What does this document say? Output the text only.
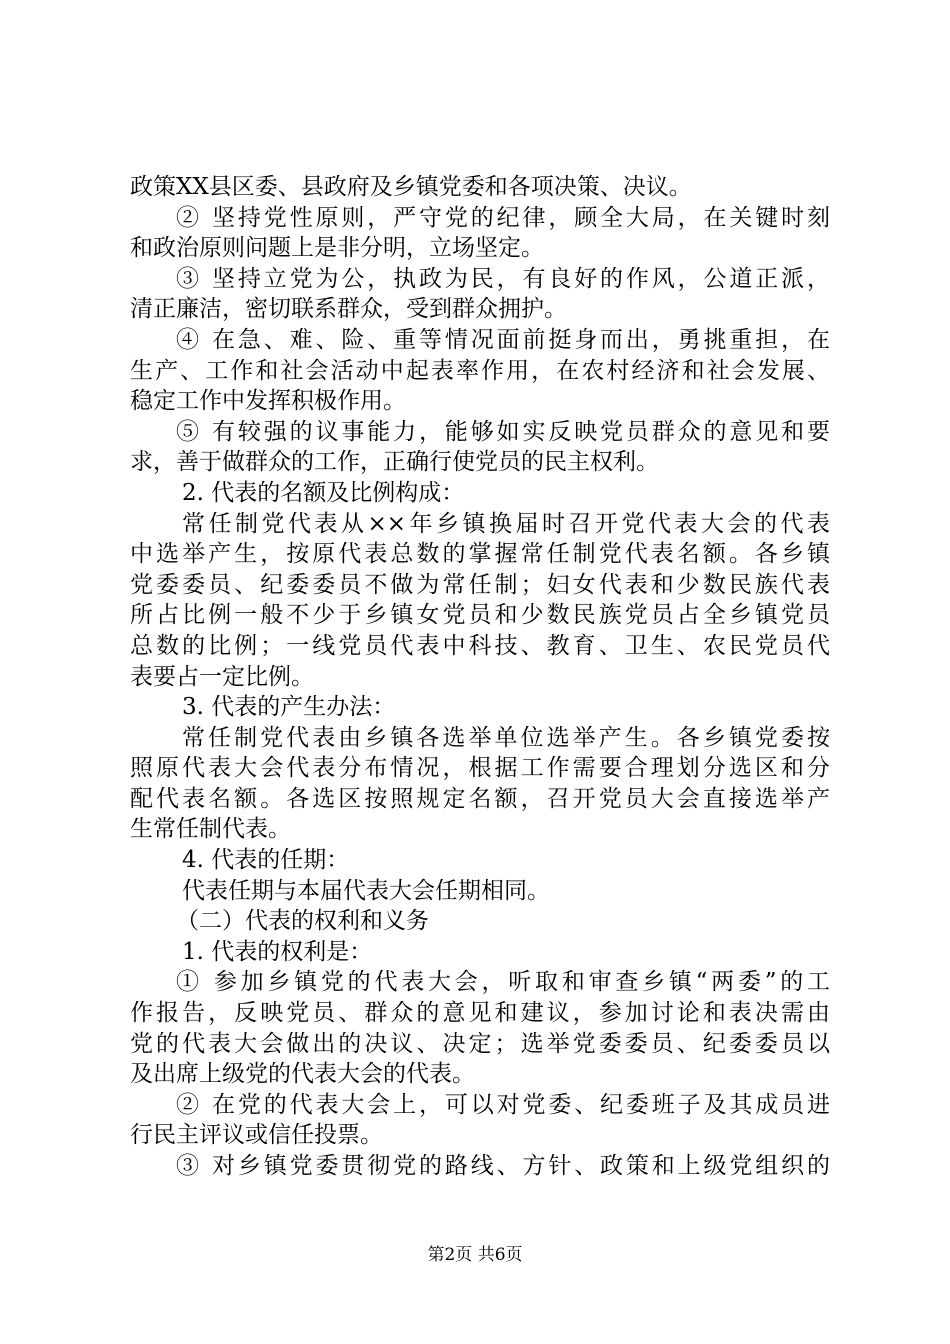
政策XX县区委、县政府及乡镇党委和各项决策、决议。
② 坚持党性原则，严守党的纪律，顾全大局，在关键时刻
和政治原则问题上是非分明，立场坚定。
③ 坚持立党为公，执政为民，有良好的作风，公道正派，
清正廉洁，密切联系群众，受到群众拥护。
④ 在急、难、险、重等情况面前挺身而出，勇挑重担，在
生产、工作和社会活动中起表率作用，在农村经济和社会发展、
稳定工作中发挥积极作用。
⑤ 有较强的议事能力，能够如实反映党员群众的意见和要
求，善于做群众的工作，正确行使党员的民主权利。
2. 代表的名额及比例构成：
常任制党代表从××年乡镇换届时召开党代表大会的代表
中选举产生，按原代表总数的掌握常任制党代表名额。各乡镇
党委委员、纪委委员不做为常任制；妇女代表和少数民族代表
所占比例一般不少于乡镇女党员和少数民族党员占全乡镇党员
总数的比例；一线党员代表中科技、教育、卫生、农民党员代
表要占一定比例。
3. 代表的产生办法：
常任制党代表由乡镇各选举单位选举产生。各乡镇党委按
照原代表大会代表分布情况，根据工作需要合理划分选区和分
配代表名额。各选区按照规定名额，召开党员大会直接选举产
生常任制代表。
4. 代表的任期：
代表任期与本届代表大会任期相同。
（二）代表的权利和义务
1. 代表的权利是：
① 参加乡镇党的代表大会，听取和审查乡镇“两委”的工
作报告，反映党员、群众的意见和建议，参加讨论和表决需由
党的代表大会做出的决议、决定；选举党委委员、纪委委员以
及出席上级党的代表大会的代表。
② 在党的代表大会上，可以对党委、纪委班子及其成员进
行民主评议或信任投票。
③ 对乡镇党委贯彻党的路线、方针、政策和上级党组织的
第2页 共6页
